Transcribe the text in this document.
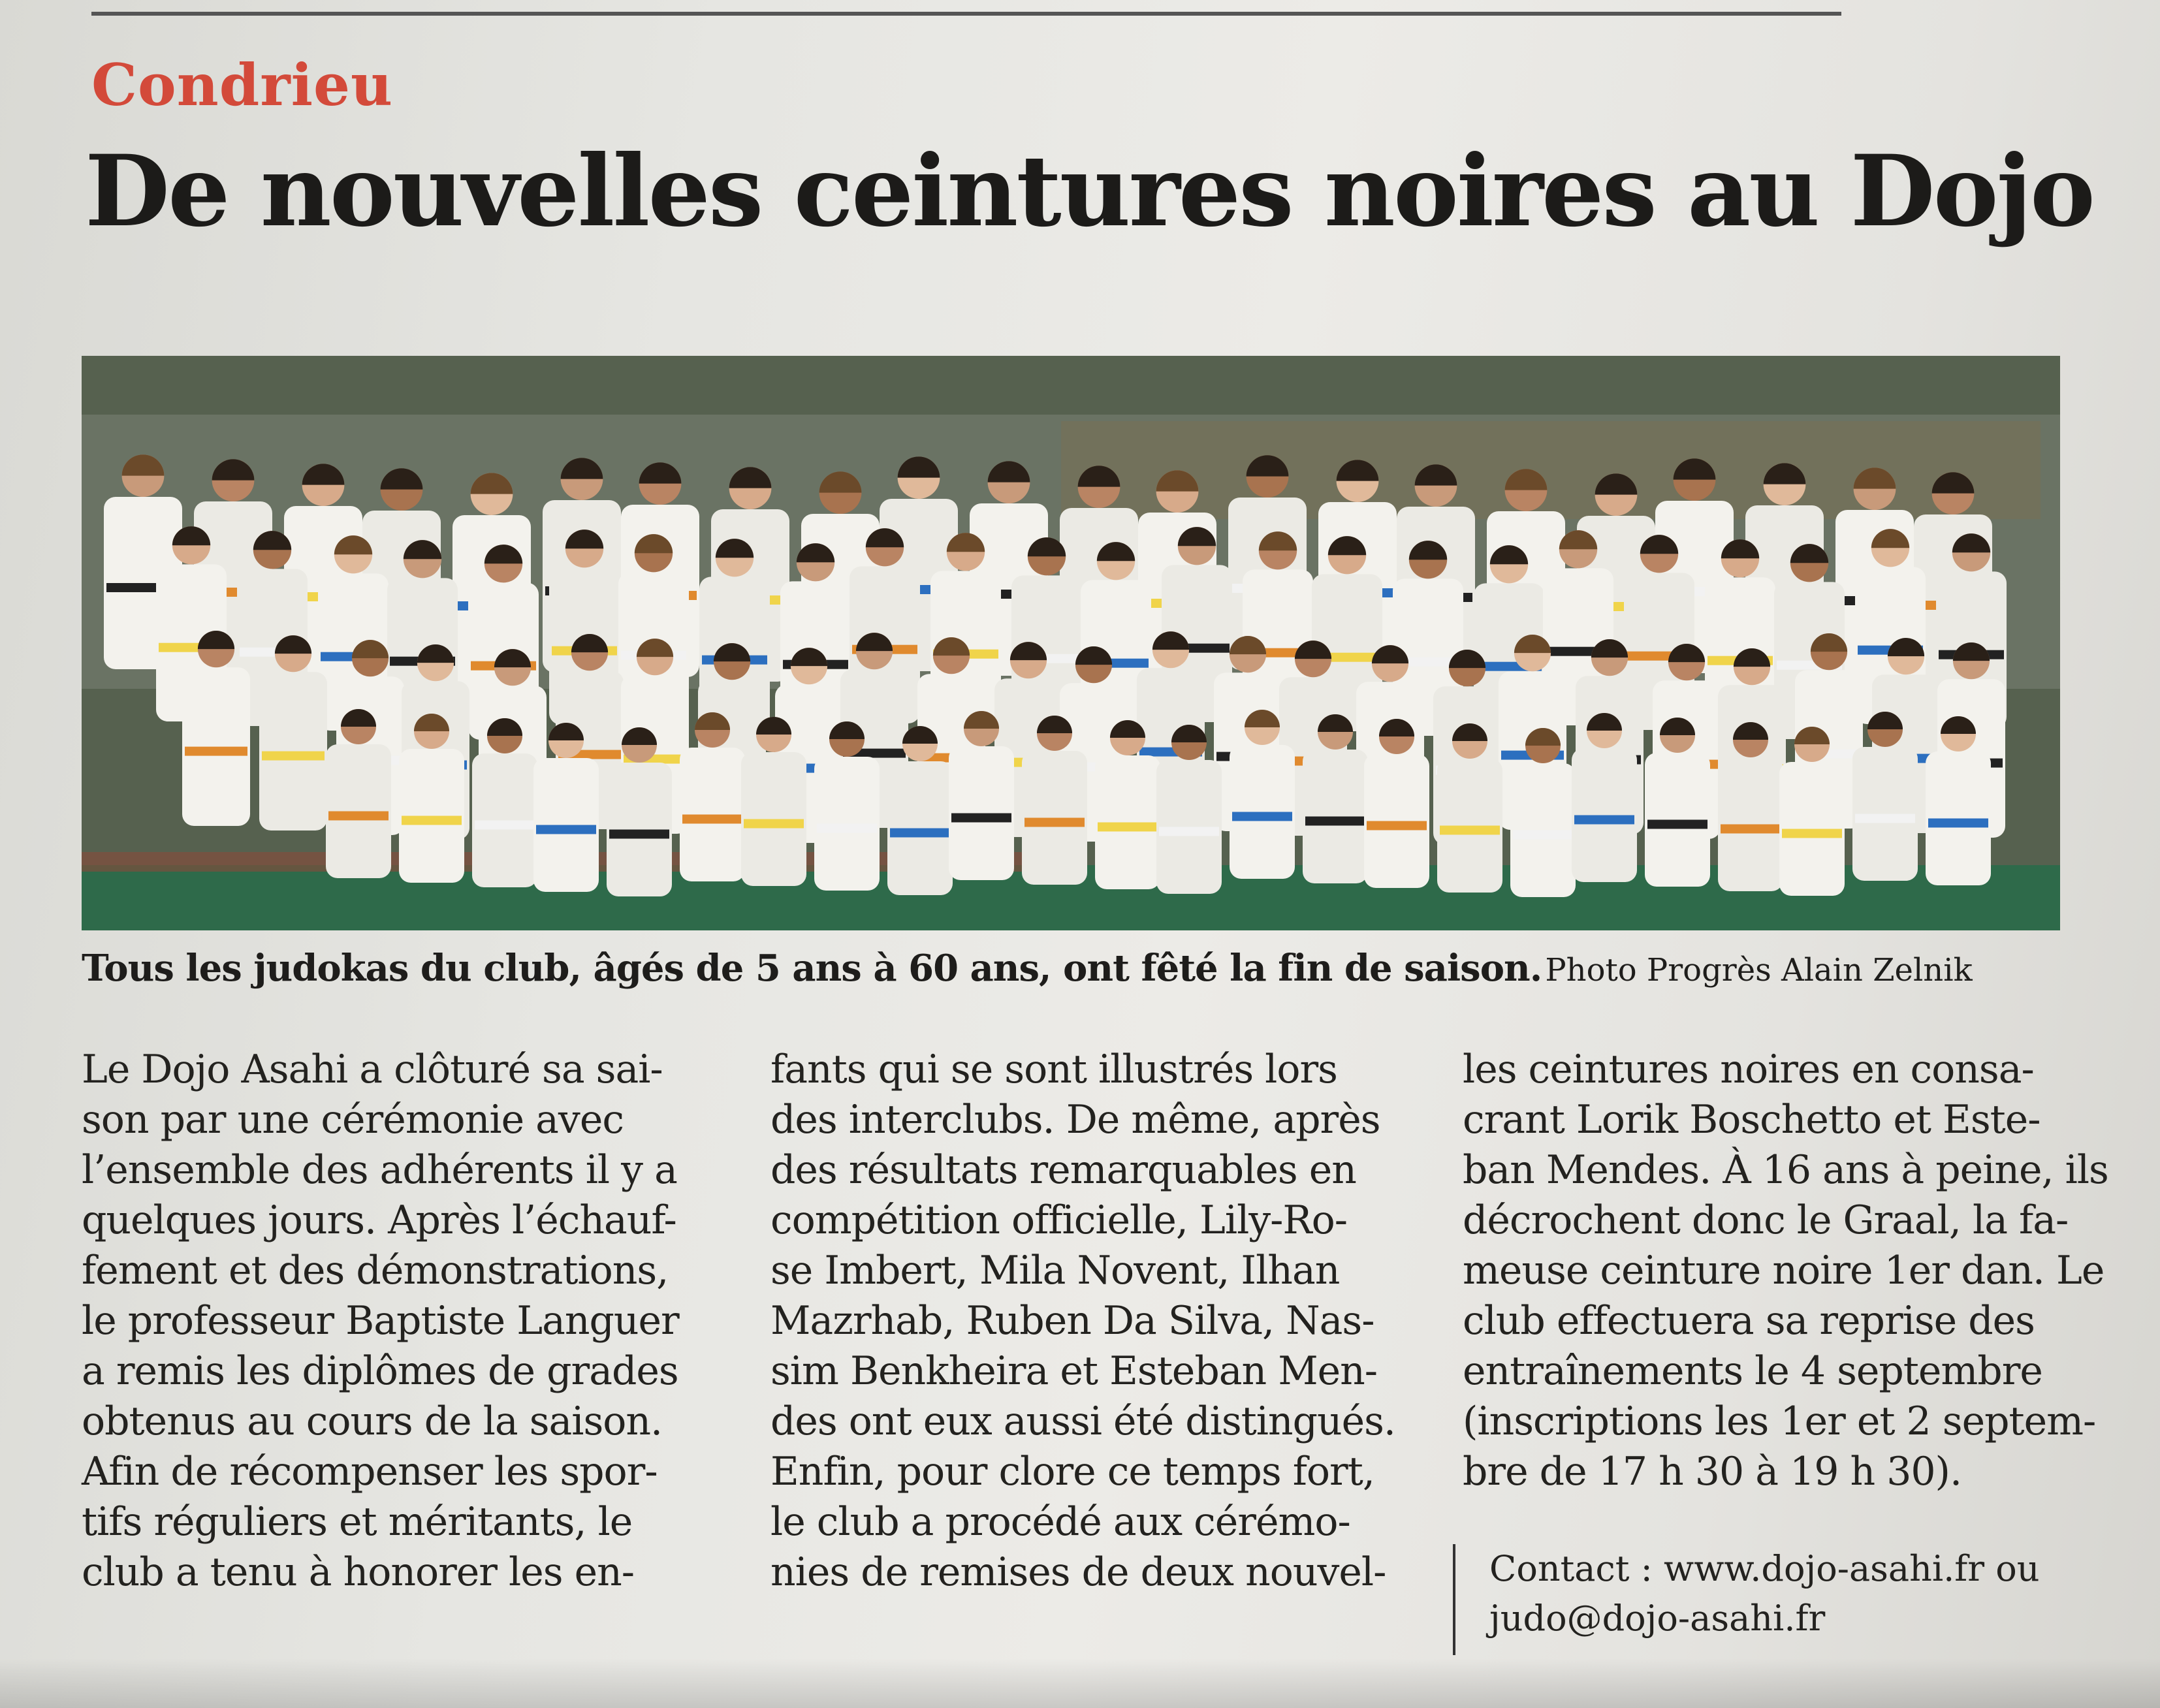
Condrieu
De nouvelles ceintures noires au Dojo
Tous les judokas du club, âgés de 5 ans à 60 ans, ont fêté la fin de saison. Photo Progrès Alain Zelnik
Le Dojo Asahi a clôturé sa sai-
son par une cérémonie avec
l’ensemble des adhérents il y a
quelques jours. Après l’échauf-
fement et des démonstrations,
le professeur Baptiste Languer
a remis les diplômes de grades
obtenus au cours de la saison.
Afin de récompenser les spor-
tifs réguliers et méritants, le
club a tenu à honorer les en-
fants qui se sont illustrés lors
des interclubs. De même, après
des résultats remarquables en
compétition officielle, Lily-Ro-
se Imbert, Mila Novent, Ilhan
Mazrhab, Ruben Da Silva, Nas-
sim Benkheira et Esteban Men-
des ont eux aussi été distingués.
Enfin, pour clore ce temps fort,
le club a procédé aux cérémo-
nies de remises de deux nouvel-
les ceintures noires en consa-
crant Lorik Boschetto et Este-
ban Mendes. À 16 ans à peine, ils
décrochent donc le Graal, la fa-
meuse ceinture noire 1er dan. Le
club effectuera sa reprise des
entraînements le 4 septembre
(inscriptions les 1er et 2 septem-
bre de 17 h 30 à 19 h 30).
Contact : www.dojo-asahi.fr ou
judo@dojo-asahi.fr
